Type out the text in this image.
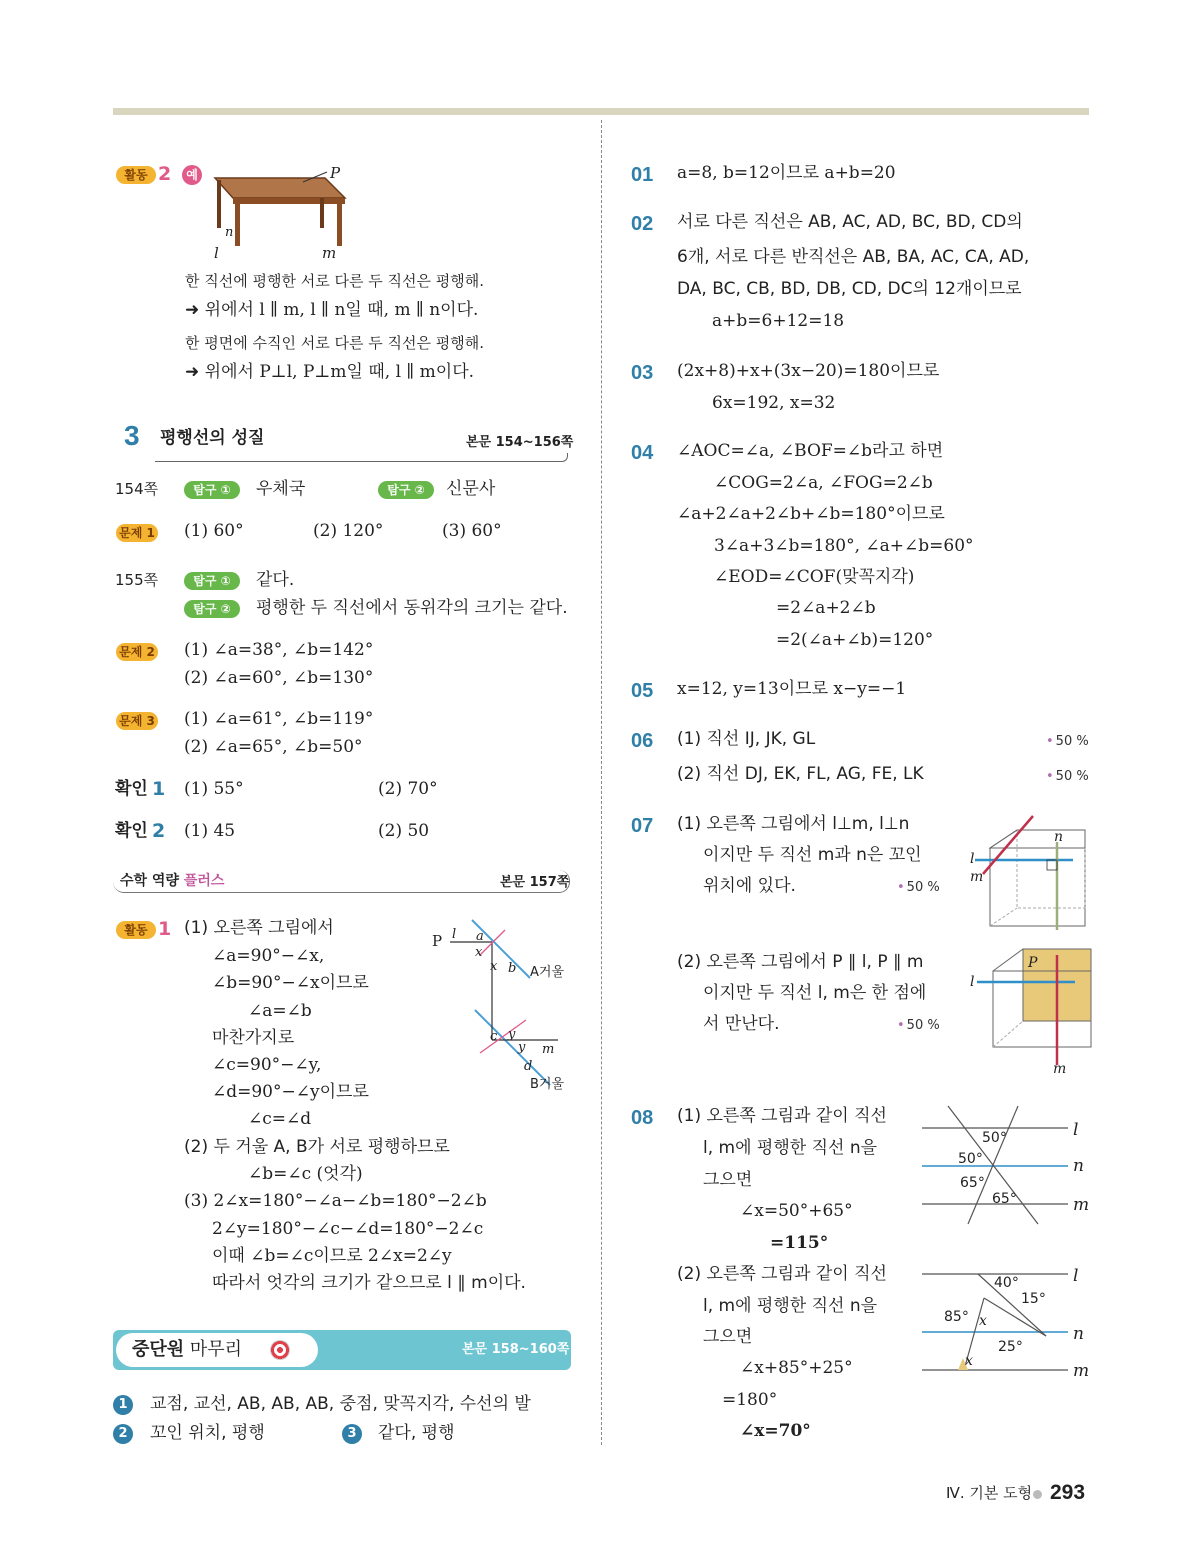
활동 2	예	P
n
l	m
한 직선에 평행한 서로 다른 두 직선은 평행해.
➜ 위에서 l ∥ m, l ∥ n일 때, m ∥ n이다.
한 평면에 수직인 서로 다른 두 직선은 평행해.
➜ 위에서 P⊥l, P⊥m일 때, l ∥ m이다.
3 평행선의 성질	본문 154~156쪽
154쪽	탐구 ①	우체국	탐구 ②	신문사
문제 1 (1) 60°	(2) 120°	(3) 60°
155쪽	탐구 ①	같다.
탐구 ②	평행한 두 직선에서 동위각의 크기는 같다.
문제 2 (1) ∠a=38°, ∠b=142°
(2) ∠a=60°, ∠b=130°
문제 3 (1) ∠a=61°, ∠b=119°
(2) ∠a=65°, ∠b=50°
확인 1 (1) 55°	(2) 70°
확인 2 (1) 45	(2) 50
수학 역량 플러스	본문 157쪽
활동 1 (1) 오른쪽 그림에서
∠a=90°−∠x,
∠b=90°−∠x이므로
∠a=∠b
마찬가지로
∠c=90°−∠y,
∠d=90°−∠y이므로
∠c=∠d
(2) 두 거울 A, B가 서로 평행하므로
∠b=∠c (엇각)
(3) 2∠x=180°−∠a−∠b=180°−2∠b
2∠y=180°−∠c−∠d=180°−2∠c
이때 ∠b=∠c이므로 2∠x=2∠y
따라서 엇각의 크기가 같으므로 l ∥ m이다.
P l a
x
x b A거울
c y
y m
d
B거울
중단원 마무리	본문 158~160쪽
1	교점, 교선, AB, AB, AB, 중점, 맞꼭지각, 수선의 발
2	꼬인 위치, 평행	3	같다, 평행
01 a=8, b=12이므로 a+b=20
02 서로 다른 직선은 AB, AC, AD, BC, BD, CD의
6개, 서로 다른 반직선은 AB, BA, AC, CA, AD,
DA, BC, CB, BD, DB, CD, DC의 12개이므로
a+b=6+12=18
03 (2x+8)+x+(3x−20)=180이므로
6x=192, x=32
04 ∠AOC=∠a, ∠BOF=∠b라고 하면
∠COG=2∠a, ∠FOG=2∠b
∠a+2∠a+2∠b+∠b=180°이므로
3∠a+3∠b=180°, ∠a+∠b=60°
∠EOD=∠COF(맞꼭지각)
=2∠a+2∠b
=2(∠a+∠b)=120°
05 x=12, y=13이므로 x−y=−1
06 (1) 직선 IJ, JK, GL	• 50 %
(2) 직선 DJ, EK, FL, AG, FE, LK	• 50 %
07 (1) 오른쪽 그림에서 l⊥m, l⊥n
이지만 두 직선 m과 n은 꼬인
위치에 있다.	• 50 %
n
l
m
(2) 오른쪽 그림에서 P ∥ l, P ∥ m
이지만 두 직선 l, m은 한 점에
서 만난다.	• 50 %
P
l
m
08 (1) 오른쪽 그림과 같이 직선
l, m에 평행한 직선 n을
그으면
∠x=50°+65°
=115°
50°
50°
65°
65°
l
n
m
(2) 오른쪽 그림과 같이 직선
l, m에 평행한 직선 n을
그으면
∠x+85°+25°
=180°
∠x=70°
40°
15°
85° x
25°
x
l
n
m
Ⅳ. 기본 도형 293
